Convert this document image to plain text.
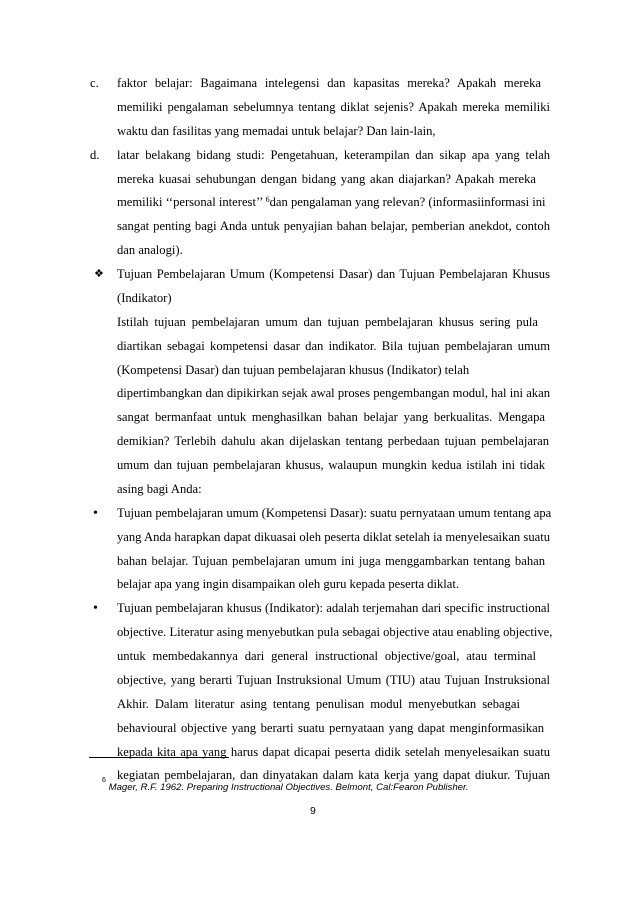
c. faktor belajar: Bagaimana intelegensi dan kapasitas mereka? Apakah mereka
memiliki pengalaman sebelumnya tentang diklat sejenis? Apakah mereka memiliki
waktu dan fasilitas yang memadai untuk belajar? Dan lain-lain,
d. latar belakang bidang studi: Pengetahuan, keterampilan dan sikap apa yang telah
mereka kuasai sehubungan dengan bidang yang akan diajarkan? Apakah mereka
memiliki ‘‘personal interest’’ $^6$dan pengalaman yang relevan? (informasiinformasi ini
sangat penting bagi Anda untuk penyajian bahan belajar, pemberian anekdot, contoh
dan analogi).
❖ Tujuan Pembelajaran Umum (Kompetensi Dasar) dan Tujuan Pembelajaran Khusus
(Indikator)
Istilah tujuan pembelajaran umum dan tujuan pembelajaran khusus sering pula
diartikan sebagai kompetensi dasar dan indikator. Bila tujuan pembelajaran umum
(Kompetensi Dasar) dan tujuan pembelajaran khusus (Indikator) telah
dipertimbangkan dan dipikirkan sejak awal proses pengembangan modul, hal ini akan
sangat bermanfaat untuk menghasilkan bahan belajar yang berkualitas. Mengapa
demikian? Terlebih dahulu akan dijelaskan tentang perbedaan tujuan pembelajaran
umum dan tujuan pembelajaran khusus, walaupun mungkin kedua istilah ini tidak
asing bagi Anda:
• Tujuan pembelajaran umum (Kompetensi Dasar): suatu pernyataan umum tentang apa
yang Anda harapkan dapat dikuasai oleh peserta diklat setelah ia menyelesaikan suatu
bahan belajar. Tujuan pembelajaran umum ini juga menggambarkan tentang bahan
belajar apa yang ingin disampaikan oleh guru kepada peserta diklat.
• Tujuan pembelajaran khusus (Indikator): adalah terjemahan dari specific instructional
objective. Literatur asing menyebutkan pula sebagai objective atau enabling objective,
untuk membedakannya dari general instructional objective/goal, atau terminal
objective, yang berarti Tujuan Instruksional Umum (TIU) atau Tujuan Instruksional
Akhir. Dalam literatur asing tentang penulisan modul menyebutkan sebagai
behavioural objective yang berarti suatu pernyataan yang dapat menginformasikan
kepada kita apa yang harus dapat dicapai peserta didik setelah menyelesaikan suatu
kegiatan pembelajaran, dan dinyatakan dalam kata kerja yang dapat diukur. Tujuan
$^6$ Mager, R.F. 1962. Preparing Instructional Objectives. Belmont, Cal:Fearon Publisher.
9
